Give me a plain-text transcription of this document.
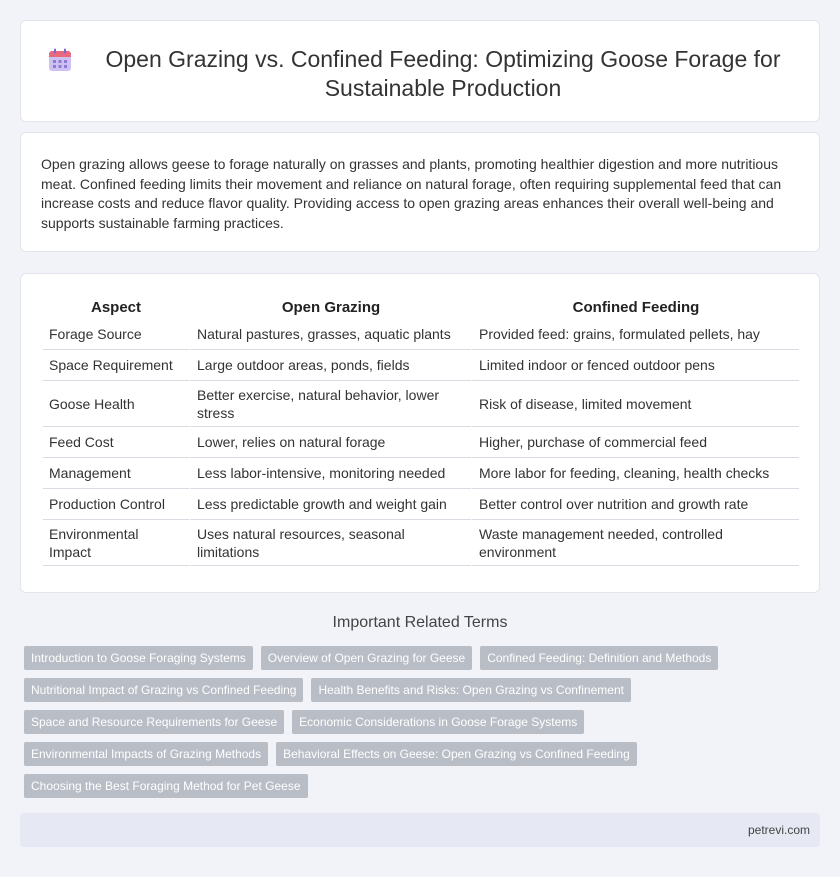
Open Grazing vs. Confined Feeding: Optimizing Goose Forage for Sustainable Production

Open grazing allows geese to forage naturally on grasses and plants, promoting healthier digestion and more nutritious meat. Confined feeding limits their movement and reliance on natural forage, often requiring supplemental feed that can increase costs and reduce flavor quality. Providing access to open grazing areas enhances their overall well-being and supports sustainable farming practices.

Aspect	Open Grazing	Confined Feeding
Forage Source	Natural pastures, grasses, aquatic plants	Provided feed: grains, formulated pellets, hay
Space Requirement	Large outdoor areas, ponds, fields	Limited indoor or fenced outdoor pens
Goose Health	Better exercise, natural behavior, lower stress	Risk of disease, limited movement
Feed Cost	Lower, relies on natural forage	Higher, purchase of commercial feed
Management	Less labor-intensive, monitoring needed	More labor for feeding, cleaning, health checks
Production Control	Less predictable growth and weight gain	Better control over nutrition and growth rate
Environmental Impact	Uses natural resources, seasonal limitations	Waste management needed, controlled environment
Important Related Terms
Introduction to Goose Foraging Systems	Overview of Open Grazing for Geese	Confined Feeding: Definition and Methods
Nutritional Impact of Grazing vs Confined Feeding	Health Benefits and Risks: Open Grazing vs Confinement
Space and Resource Requirements for Geese	Economic Considerations in Goose Forage Systems
Environmental Impacts of Grazing Methods	Behavioral Effects on Geese: Open Grazing vs Confined Feeding
Choosing the Best Foraging Method for Pet Geese
petrevi.com
